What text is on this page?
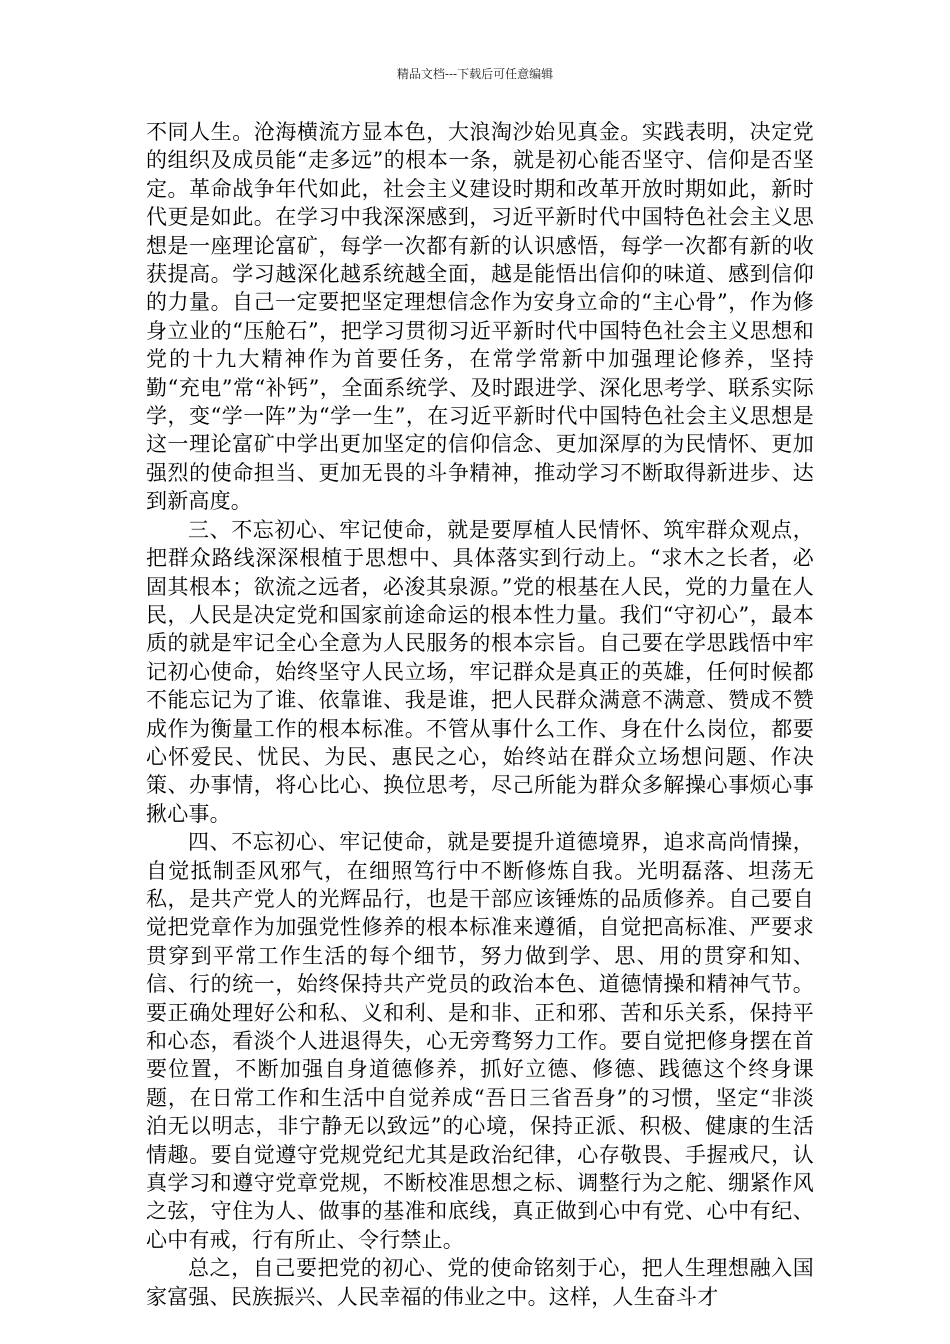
精品文档---下载后可任意编辑

不同人生。沧海横流方显本色，大浪淘沙始见真金。实践表明，决定党的组织及成员能“走多远”的根本一条，就是初心能否坚守、信仰是否坚定。革命战争年代如此，社会主义建设时期和改革开放时期如此，新时代更是如此。在学习中我深深感到，习近平新时代中国特色社会主义思想是一座理论富矿，每学一次都有新的认识感悟，每学一次都有新的收获提高。学习越深化越系统越全面，越是能悟出信仰的味道、感到信仰的力量。自己一定要把坚定理想信念作为安身立命的“主心骨”，作为修身立业的“压舱石”，把学习贯彻习近平新时代中国特色社会主义思想和党的十九大精神作为首要任务，在常学常新中加强理论修养，坚持勤“充电”常“补钙”，全面系统学、及时跟进学、深化思考学、联系实际学，变“学一阵”为“学一生”，在习近平新时代中国特色社会主义思想是这一理论富矿中学出更加坚定的信仰信念、更加深厚的为民情怀、更加强烈的使命担当、更加无畏的斗争精神，推动学习不断取得新进步、达到新高度。

三、不忘初心、牢记使命，就是要厚植人民情怀、筑牢群众观点，把群众路线深深根植于思想中、具体落实到行动上。“求木之长者，必固其根本；欲流之远者，必浚其泉源。”党的根基在人民，党的力量在人民，人民是决定党和国家前途命运的根本性力量。我们“守初心”，最本质的就是牢记全心全意为人民服务的根本宗旨。自己要在学思践悟中牢记初心使命，始终坚守人民立场，牢记群众是真正的英雄，任何时候都不能忘记为了谁、依靠谁、我是谁，把人民群众满意不满意、赞成不赞成作为衡量工作的根本标准。不管从事什么工作、身在什么岗位，都要心怀爱民、忧民、为民、惠民之心，始终站在群众立场想问题、作决策、办事情，将心比心、换位思考，尽己所能为群众多解操心事烦心事揪心事。

四、不忘初心、牢记使命，就是要提升道德境界，追求高尚情操，自觉抵制歪风邪气，在细照笃行中不断修炼自我。光明磊落、坦荡无私，是共产党人的光辉品行，也是干部应该锤炼的品质修养。自己要自觉把党章作为加强党性修养的根本标准来遵循，自觉把高标准、严要求贯穿到平常工作生活的每个细节，努力做到学、思、用的贯穿和知、信、行的统一，始终保持共产党员的政治本色、道德情操和精神气节。要正确处理好公和私、义和利、是和非、正和邪、苦和乐关系，保持平和心态，看淡个人进退得失，心无旁骛努力工作。要自觉把修身摆在首要位置，不断加强自身道德修养，抓好立德、修德、践德这个终身课题，在日常工作和生活中自觉养成“吾日三省吾身”的习惯，坚定“非淡泊无以明志，非宁静无以致远”的心境，保持正派、积极、健康的生活情趣。要自觉遵守党规党纪尤其是政治纪律，心存敬畏、手握戒尺，认真学习和遵守党章党规，不断校准思想之标、调整行为之舵、绷紧作风之弦，守住为人、做事的基准和底线，真正做到心中有党、心中有纪、心中有戒，行有所止、令行禁止。

总之，自己要把党的初心、党的使命铭刻于心，把人生理想融入国家富强、民族振兴、人民幸福的伟业之中。这样，人生奋斗才
